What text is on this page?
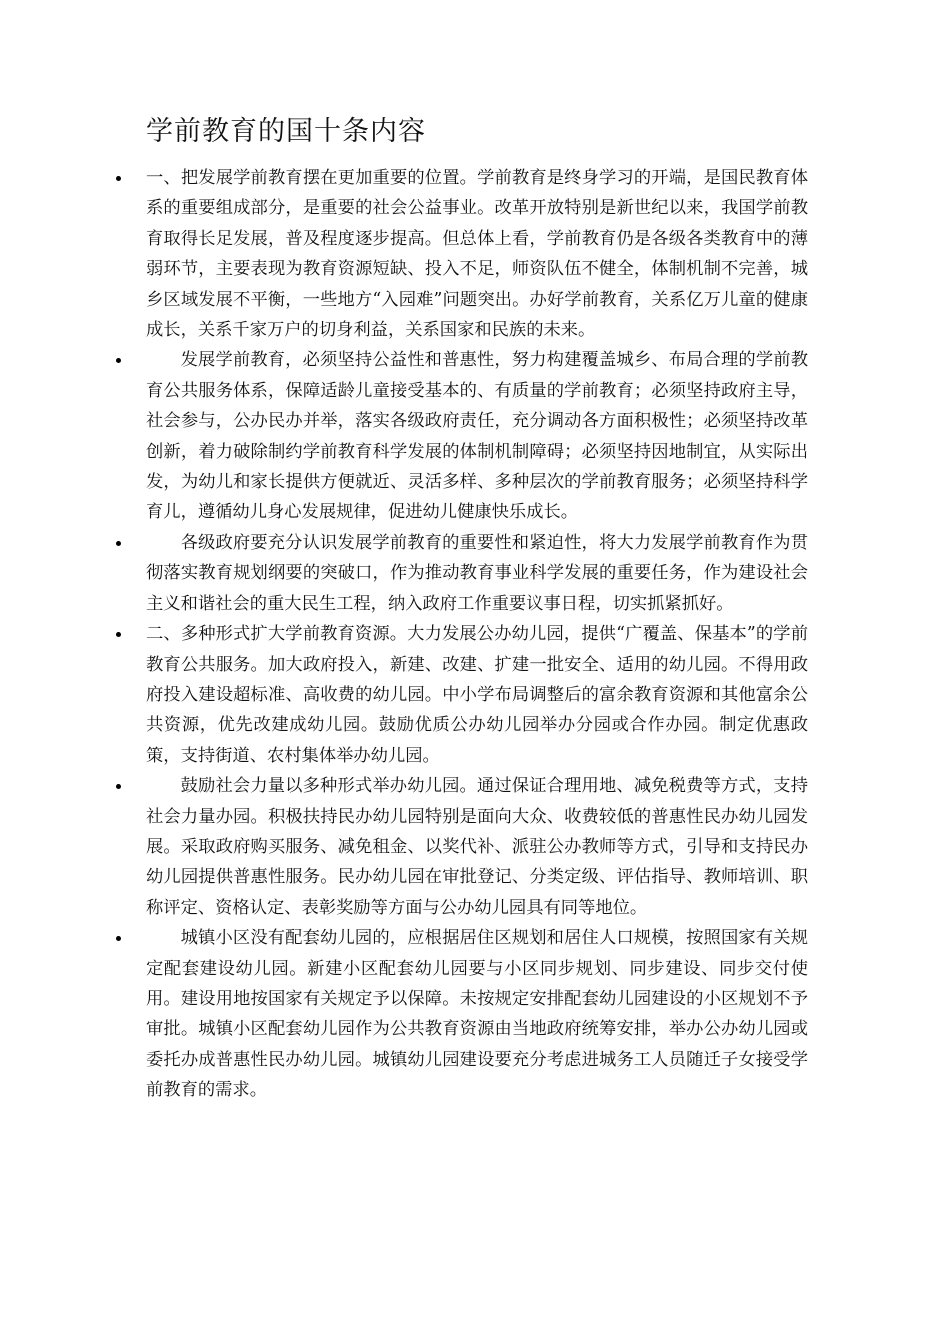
学前教育的国十条内容
一、把发展学前教育摆在更加重要的位置。学前教育是终身学习的开端，是国民教育体系的重要组成部分，是重要的社会公益事业。改革开放特别是新世纪以来，我国学前教育取得长足发展，普及程度逐步提高。但总体上看，学前教育仍是各级各类教育中的薄弱环节，主要表现为教育资源短缺、投入不足，师资队伍不健全，体制机制不完善，城乡区域发展不平衡，一些地方“入园难”问题突出。办好学前教育，关系亿万儿童的健康成长，关系千家万户的切身利益，关系国家和民族的未来。
发展学前教育，必须坚持公益性和普惠性，努力构建覆盖城乡、布局合理的学前教育公共服务体系，保障适龄儿童接受基本的、有质量的学前教育；必须坚持政府主导，社会参与，公办民办并举，落实各级政府责任，充分调动各方面积极性；必须坚持改革创新，着力破除制约学前教育科学发展的体制机制障碍；必须坚持因地制宜，从实际出发，为幼儿和家长提供方便就近、灵活多样、多种层次的学前教育服务；必须坚持科学育儿，遵循幼儿身心发展规律，促进幼儿健康快乐成长。
各级政府要充分认识发展学前教育的重要性和紧迫性，将大力发展学前教育作为贯彻落实教育规划纲要的突破口，作为推动教育事业科学发展的重要任务，作为建设社会主义和谐社会的重大民生工程，纳入政府工作重要议事日程，切实抓紧抓好。
二、多种形式扩大学前教育资源。大力发展公办幼儿园，提供“广覆盖、保基本”的学前教育公共服务。加大政府投入，新建、改建、扩建一批安全、适用的幼儿园。不得用政府投入建设超标准、高收费的幼儿园。中小学布局调整后的富余教育资源和其他富余公共资源，优先改建成幼儿园。鼓励优质公办幼儿园举办分园或合作办园。制定优惠政策，支持街道、农村集体举办幼儿园。
鼓励社会力量以多种形式举办幼儿园。通过保证合理用地、减免税费等方式，支持社会力量办园。积极扶持民办幼儿园特别是面向大众、收费较低的普惠性民办幼儿园发展。采取政府购买服务、减免租金、以奖代补、派驻公办教师等方式，引导和支持民办幼儿园提供普惠性服务。民办幼儿园在审批登记、分类定级、评估指导、教师培训、职称评定、资格认定、表彰奖励等方面与公办幼儿园具有同等地位。
城镇小区没有配套幼儿园的，应根据居住区规划和居住人口规模，按照国家有关规定配套建设幼儿园。新建小区配套幼儿园要与小区同步规划、同步建设、同步交付使用。建设用地按国家有关规定予以保障。未按规定安排配套幼儿园建设的小区规划不予审批。城镇小区配套幼儿园作为公共教育资源由当地政府统筹安排，举办公办幼儿园或委托办成普惠性民办幼儿园。城镇幼儿园建设要充分考虑进城务工人员随迁子女接受学前教育的需求。
